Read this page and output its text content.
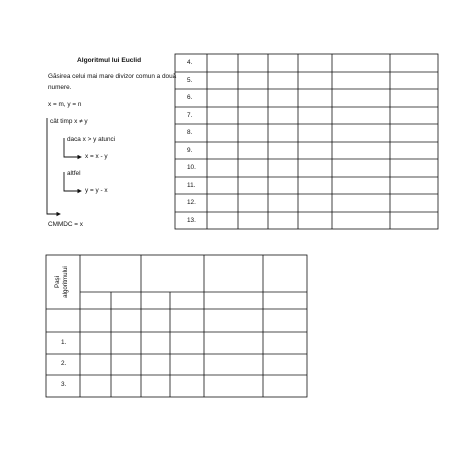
Algoritmul lui Euclid
Găsirea celui mai mare divizor comun a două
numere.
x = m, y = n
cât timp x ≠ y
daca x > y atunci
x = x - y
altfel
y = y - x
CMMDC = x
4.
5.
6.
7.
8.
9.
10.
11.
12.
13.
Pași algoritmului
1.
2.
3.
